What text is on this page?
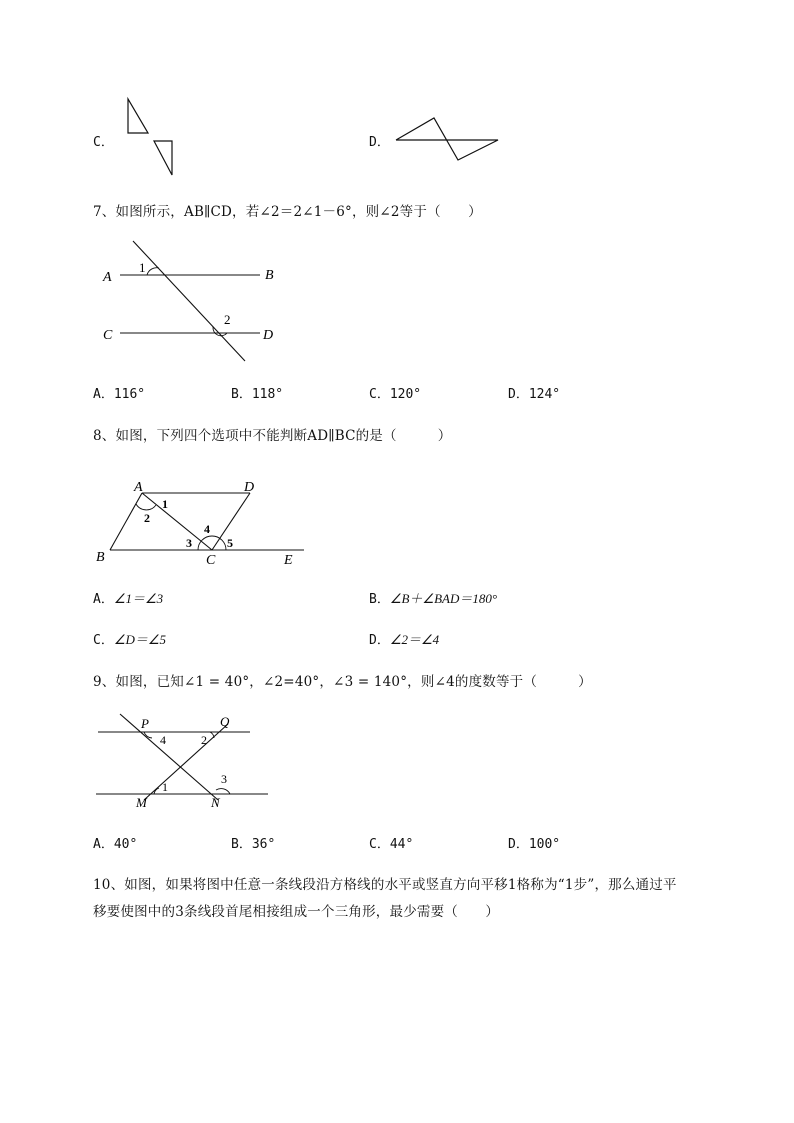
C．	D．
7、如图所示，AB∥CD，若∠2＝2∠1－6°，则∠2等于（　　）
A	B
C	D
1
2
A．116°	B．118°	C．120°	D．124°
8、如图，下列四个选项中不能判断AD∥BC的是（　　　）
A	D
B	C	E
1
2
3
4
5
A．∠1＝∠3	B．∠B＋∠BAD＝180°
C．∠D＝∠5	D．∠2＝∠4
9、如图，已知∠1 = 40°，∠2=40°，∠3 = 140°，则∠4的度数等于（　　　）
P	Q
M	N
4	2
1
3
A．40°	B．36°	C．44°	D．100°
10、如图，如果将图中任意一条线段沿方格线的水平或竖直方向平移1格称为“1步”，那么通过平
移要使图中的3条线段首尾相接组成一个三角形，最少需要（　　）
